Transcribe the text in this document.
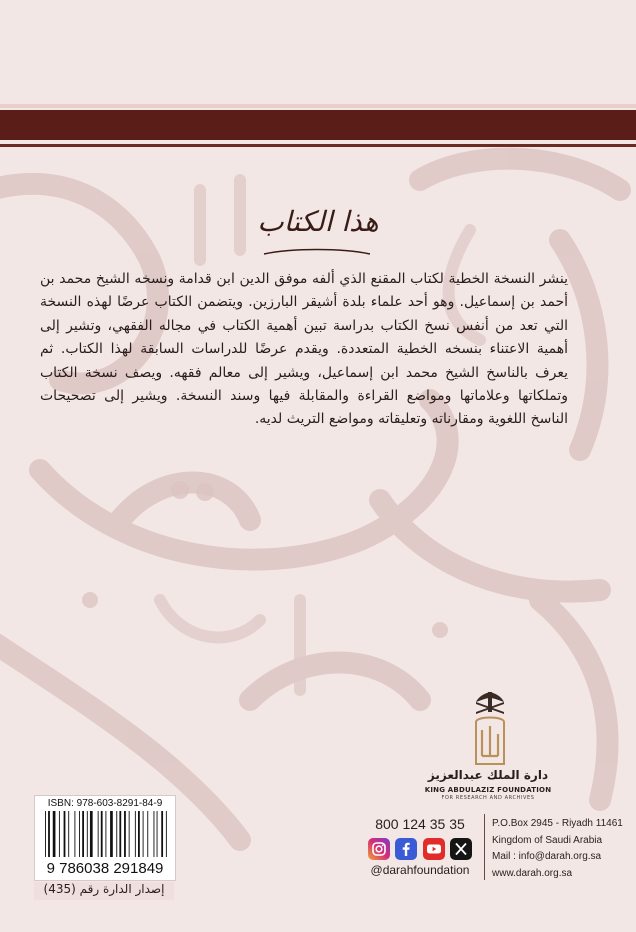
هذا الكتاب

ينشر النسخة الخطية لكتاب المقنع الذي ألفه موفق الدين ابن قدامة ونسخه الشيخ محمد بن أحمد بن إسماعيل. وهو أحد علماء بلدة أشيقر البارزين. ويتضمن الكتاب عرضًا لهذه النسخة التي تعد من أنفس نسخ الكتاب بدراسة تبين أهمية الكتاب في مجاله الفقهي، وتشير إلى أهمية الاعتناء بنسخه الخطية المتعددة. ويقدم عرضًا للدراسات السابقة لهذا الكتاب. ثم يعرف بالناسخ الشيخ محمد ابن إسماعيل، ويشير إلى معالم فقهه. ويصف نسخة الكتاب وتملكاتها وعلاماتها ومواضع القراءة والمقابلة فيها وسند النسخة. ويشير إلى تصحيحات الناسخ اللغوية ومقارناته وتعليقاته ومواضع التريث لديه.

دارة الملك عبدالعزيز
KING ABDULAZIZ FOUNDATION
FOR RESEARCH AND ARCHIVES
ISBN: 978-603-8291-84-9
9 786038 291849
إصدار الدارة رقم (435)
800 124 35 35
@darahfoundation
P.O.Box 2945 - Riyadh 11461
Kingdom of Saudi Arabia
Mail : info@darah.org.sa
www.darah.org.sa
